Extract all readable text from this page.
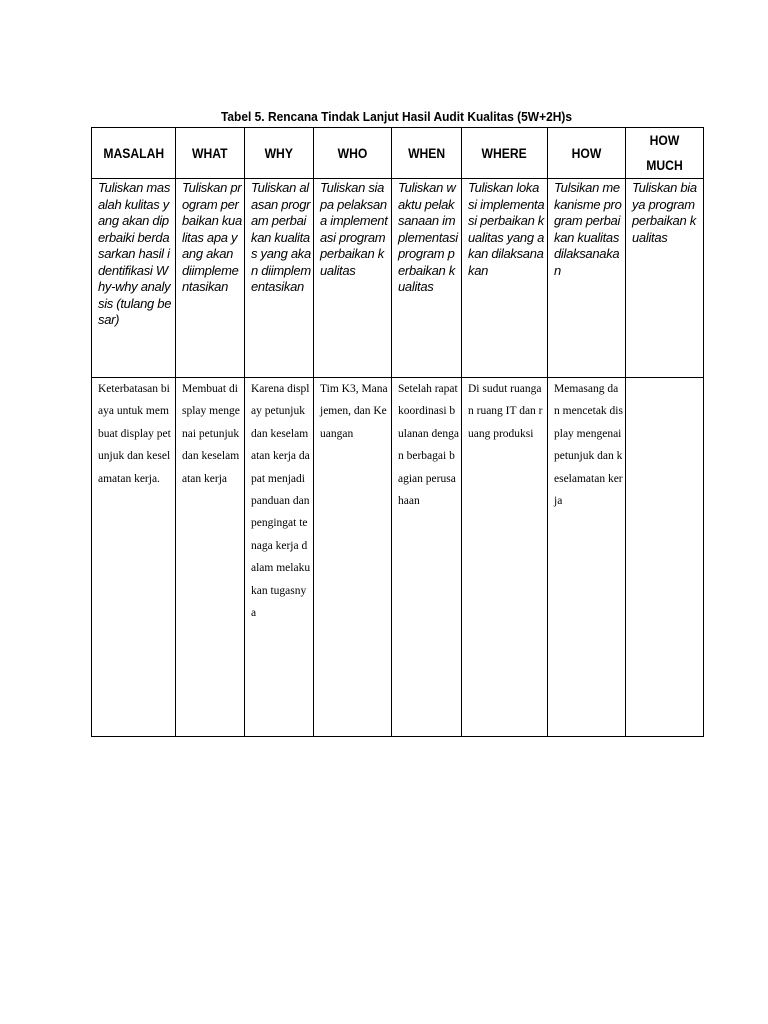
Tabel 5. Rencana Tindak Lanjut Hasil Audit Kualitas (5W+2H)s
MASALAH	WHAT	WHY	WHO	WHEN	WHERE	HOW	HOW MUCH

Tuliskan masalah kulitas yang akan diperbaiki berdasarkan hasil identifikasi Why-why analysis (tulang besar)	Tuliskan program perbaikan kualitas apa yang akan diimplementasikan	Tuliskan alasan program perbaikan kualitas yang akan diimplementasikan	Tuliskan siapa pelaksana implementasi program perbaikan kualitas	Tuliskan waktu pelaksanaan implementasi program perbaikan kualitas	Tuliskan lokasi implementasi perbaikan kualitas yang akan dilaksanakan	Tulsikan mekanisme program perbaikan kualitas dilaksanakan	Tuliskan biaya program perbaikan kualitas

Keterbatasan biaya untuk membuat display petunjuk dan keselamatan kerja.	Membuat display mengenai petunjuk dan keselamatan kerja	Karena display petunjuk dan keselamatan kerja dapat menjadi panduan dan pengingat tenaga kerja dalam melakukan tugasnya	Tim K3, Manajemen, dan Keuangan	Setelah rapat koordinasi bulanan dengan berbagai bagian perusahaan	Di sudut ruangan ruang IT dan ruang produksi	Memasang dan mencetak display mengenai petunjuk dan keselamatan kerja	
